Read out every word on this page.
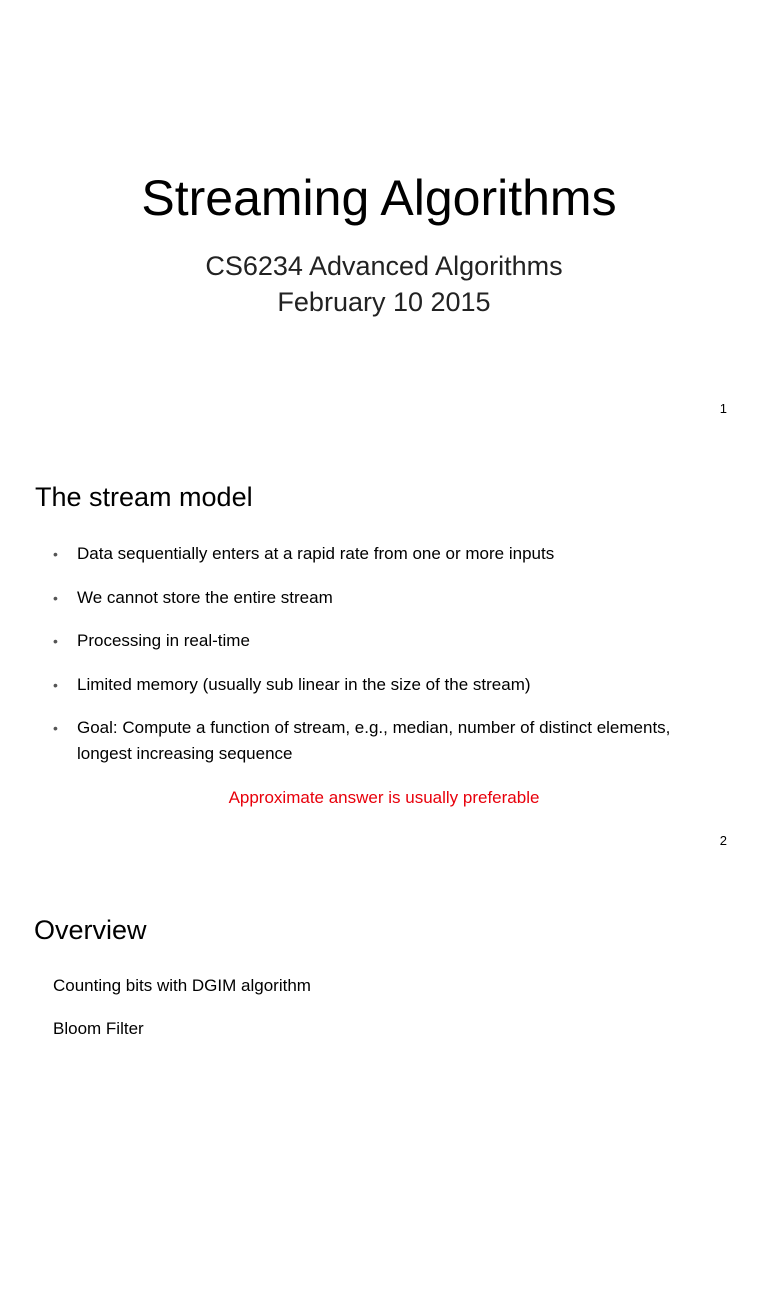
Streaming Algorithms
CS6234 Advanced Algorithms
February 10 2015
1
The stream model
• Data sequentially enters at a rapid rate from one or more inputs
• We cannot store the entire stream
• Processing in real-time
• Limited memory (usually sub linear in the size of the stream)
• Goal: Compute a function of stream, e.g., median, number of distinct elements, longest increasing sequence
Approximate answer is usually preferable
2
Overview
Counting bits with DGIM algorithm
Bloom Filter
